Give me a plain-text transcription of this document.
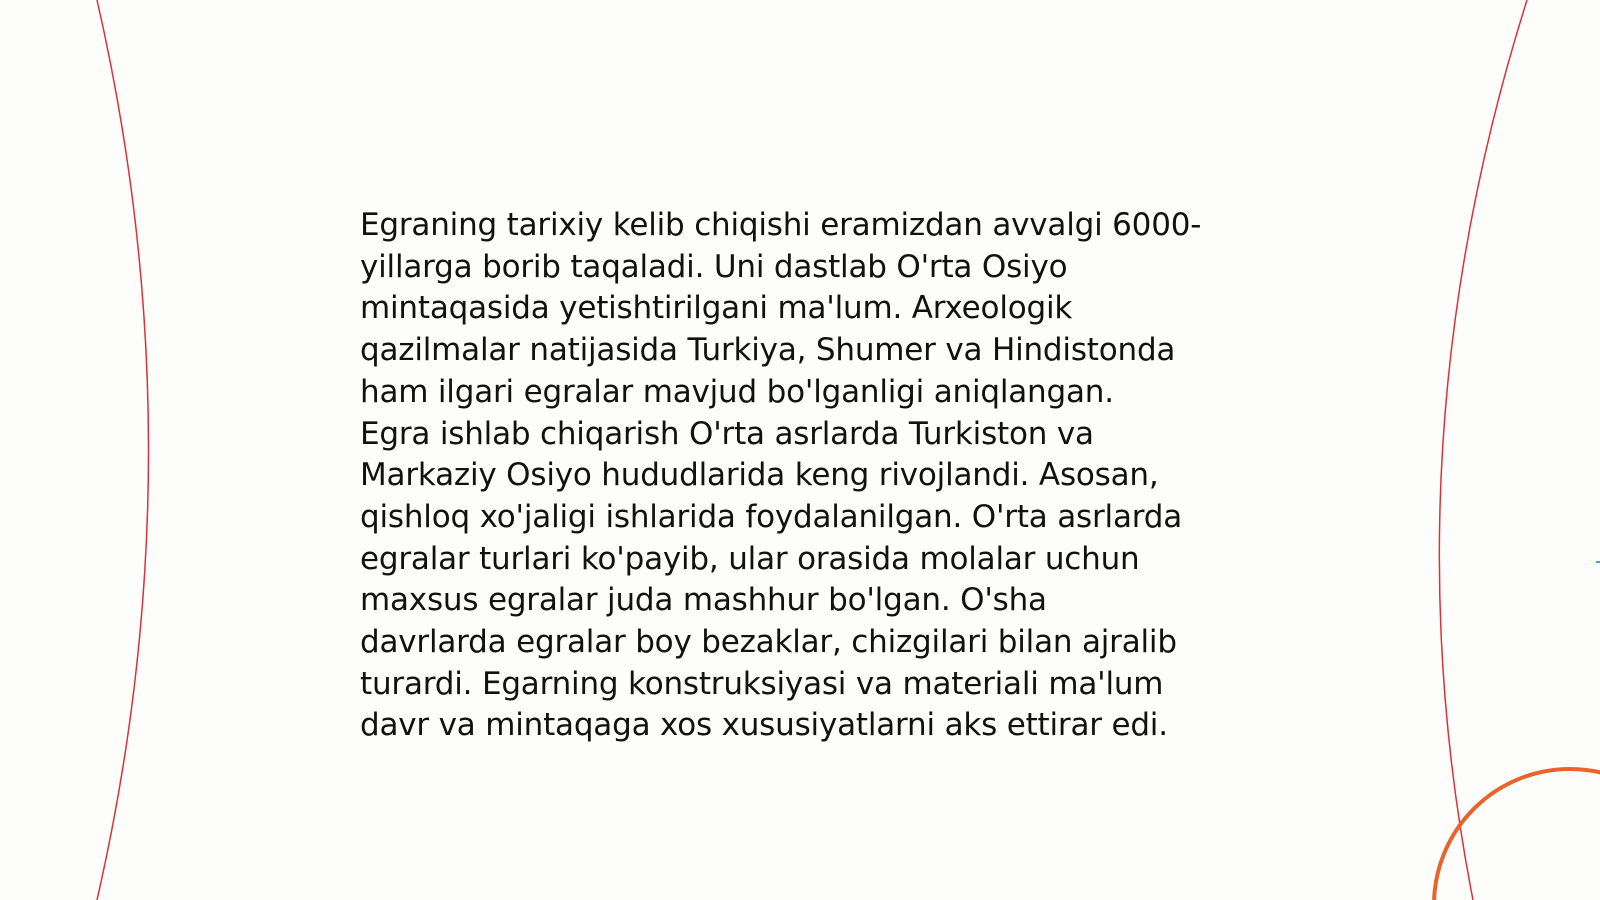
Egraning tarixiy kelib chiqishi eramizdan avvalgi 6000-
yillarga borib taqaladi. Uni dastlab O'rta Osiyo
mintaqasida yetishtirilgani ma'lum. Arxeologik
qazilmalar natijasida Turkiya, Shumer va Hindistonda
ham ilgari egralar mavjud bo'lganligi aniqlangan.
Egra ishlab chiqarish O'rta asrlarda Turkiston va
Markaziy Osiyo hududlarida keng rivojlandi. Asosan,
qishloq xo'jaligi ishlarida foydalanilgan. O'rta asrlarda
egralar turlari ko'payib, ular orasida molalar uchun
maxsus egralar juda mashhur bo'lgan. O'sha
davrlarda egralar boy bezaklar, chizgilari bilan ajralib
turardi. Egarning konstruksiyasi va materiali ma'lum
davr va mintaqaga xos xususiyatlarni aks ettirar edi.
